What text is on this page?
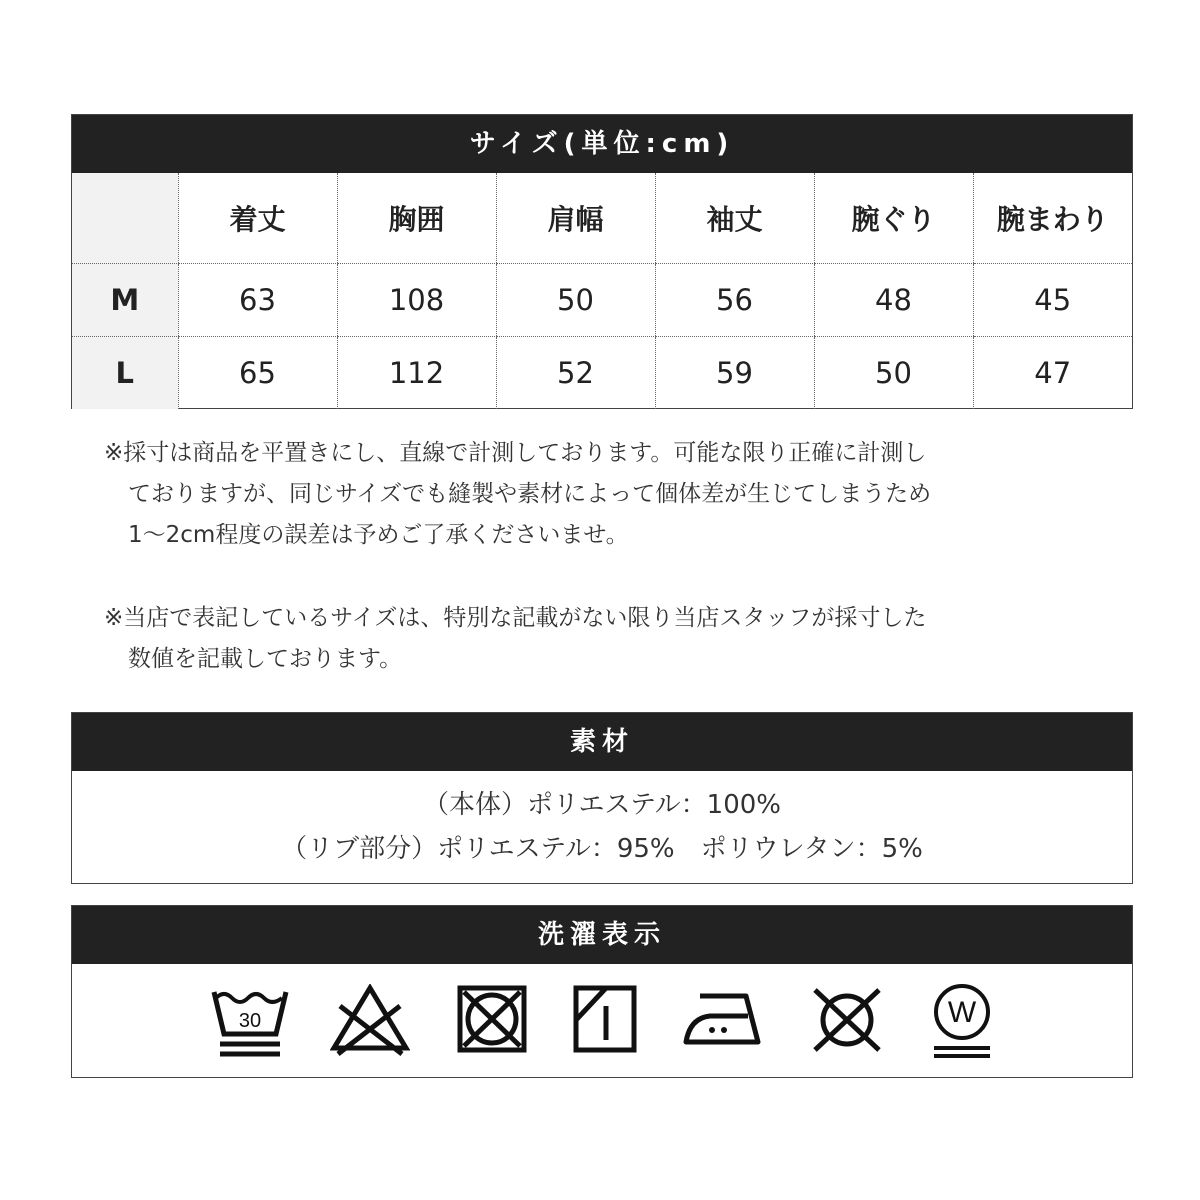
サイズ(単位:cm)
	着丈	胸囲	肩幅	袖丈	腕ぐり	腕まわり
M	63	108	50	56	48	45
L	65	112	52	59	50	47
※採寸は商品を平置きにし、直線で計測しております。可能な限り正確に計測し
ておりますが、同じサイズでも縫製や素材によって個体差が生じてしまうため
1～2cm程度の誤差は予めご了承くださいませ。
※当店で表記しているサイズは、特別な記載がない限り当店スタッフが採寸した
数値を記載しております。
素材
（本体）ポリエステル：100%
（リブ部分）ポリエステル：95%　ポリウレタン：5%
洗濯表示
30	W
